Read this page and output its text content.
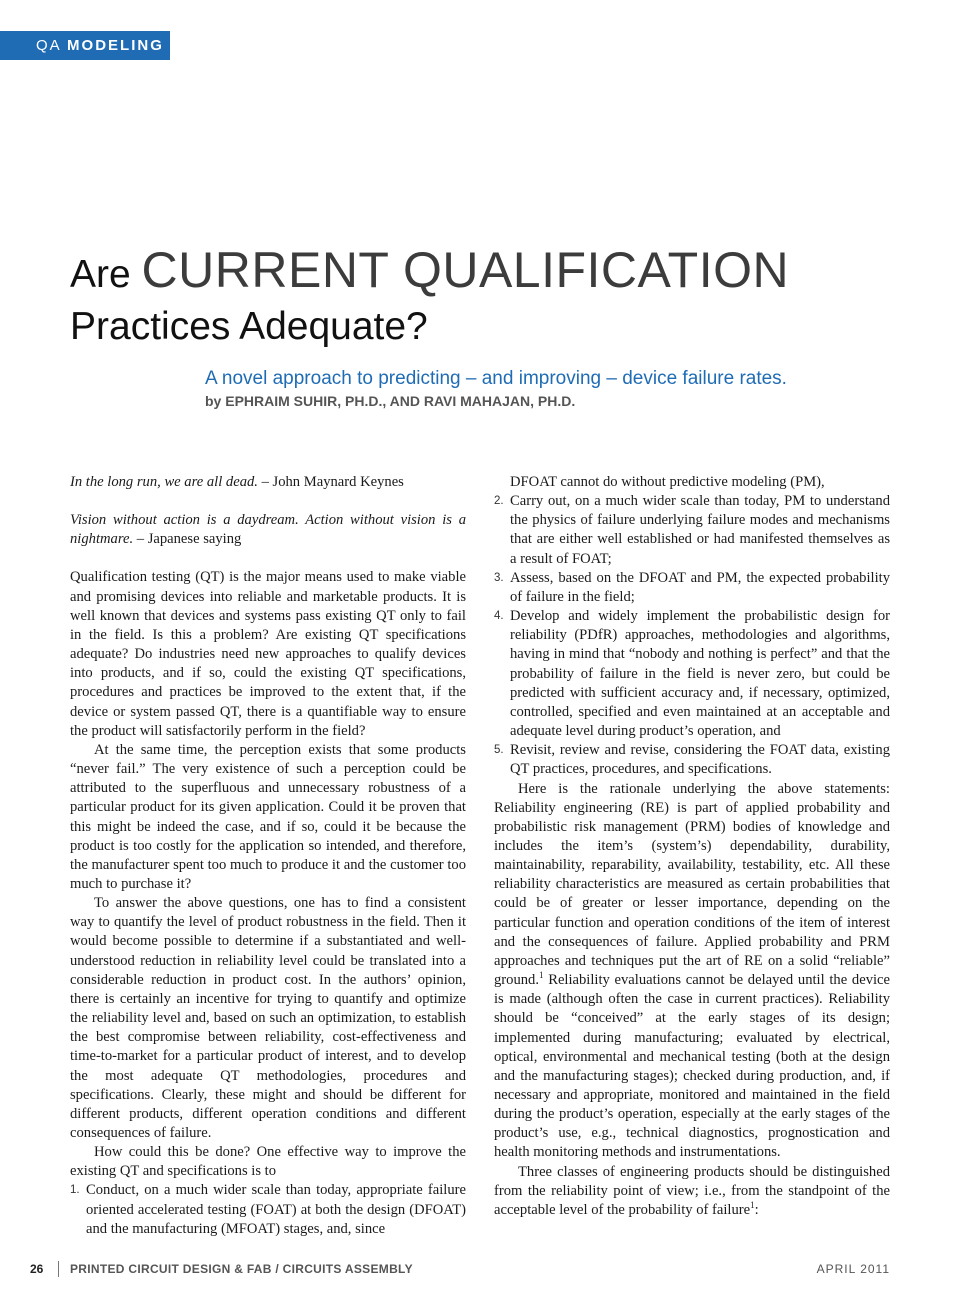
QA MODELING
Are CURRENT QUALIFICATION
Practices Adequate?
A novel approach to predicting – and improving – device failure rates.
by EPHRAIM SUHIR, PH.D., AND RAVI MAHAJAN, PH.D.

In the long run, we are all dead. – John Maynard Keynes

Vision without action is a daydream. Action without vision is a nightmare. – Japanese saying

Qualification testing (QT) is the major means used to make viable and promising devices into reliable and marketable products. It is well known that devices and systems pass existing QT only to fail in the field. Is this a problem? Are existing QT specifications adequate? Do industries need new approaches to qualify devices into products, and if so, could the existing QT specifications, procedures and practices be improved to the extent that, if the device or system passed QT, there is a quantifiable way to ensure the product will satisfactorily perform in the field?

At the same time, the perception exists that some products “never fail.” The very existence of such a perception could be attributed to the superfluous and unnecessary robustness of a particular product for its given application. Could it be proven that this might be indeed the case, and if so, could it be because the product is too costly for the application so intended, and therefore, the manufacturer spent too much to produce it and the customer too much to purchase it?

To answer the above questions, one has to find a consistent way to quantify the level of product robustness in the field. Then it would become possible to determine if a substantiated and well-understood reduction in reliability level could be translated into a considerable reduction in product cost. In the authors’ opinion, there is certainly an incentive for trying to quantify and optimize the reliability level and, based on such an optimization, to establish the best compromise between reliability, cost-effectiveness and time-to-market for a particular product of interest, and to develop the most adequate QT methodologies, procedures and specifications. Clearly, these might and should be different for different products, different operation conditions and different consequences of failure.

How could this be done? One effective way to improve the existing QT and specifications is to

1. Conduct, on a much wider scale than today, appropriate failure oriented accelerated testing (FOAT) at both the design (DFOAT) and the manufacturing (MFOAT) stages, and, since
DFOAT cannot do without predictive modeling (PM),
2. Carry out, on a much wider scale than today, PM to understand the physics of failure underlying failure modes and mechanisms that are either well established or had manifested themselves as a result of FOAT;
3. Assess, based on the DFOAT and PM, the expected probability of failure in the field;
4. Develop and widely implement the probabilistic design for reliability (PDfR) approaches, methodologies and algorithms, having in mind that “nobody and nothing is perfect” and that the probability of failure in the field is never zero, but could be predicted with sufficient accuracy and, if necessary, optimized, controlled, specified and even maintained at an acceptable and adequate level during product’s operation, and
5. Revisit, review and revise, considering the FOAT data, existing QT practices, procedures, and specifications.

Here is the rationale underlying the above statements: Reliability engineering (RE) is part of applied probability and probabilistic risk management (PRM) bodies of knowledge and includes the item’s (system’s) dependability, durability, maintainability, reparability, availability, testability, etc. All these reliability characteristics are measured as certain probabilities that could be of greater or lesser importance, depending on the particular function and operation conditions of the item of interest and the consequences of failure. Applied probability and PRM approaches and techniques put the art of RE on a solid “reliable” ground.$^1$ Reliability evaluations cannot be delayed until the device is made (although often the case in current practices). Reliability should be “conceived” at the early stages of its design; implemented during manufacturing; evaluated by electrical, optical, environmental and mechanical testing (both at the design and the manufacturing stages); checked during production, and, if necessary and appropriate, monitored and maintained in the field during the product’s operation, especially at the early stages of the product’s use, e.g., technical diagnostics, prognostication and health monitoring methods and instrumentations.

Three classes of engineering products should be distinguished from the reliability point of view; i.e., from the standpoint of the acceptable level of the probability of failure$^1$:

26 PRINTED CIRCUIT DESIGN & FAB / CIRCUITS ASSEMBLY	APRIL 2011
